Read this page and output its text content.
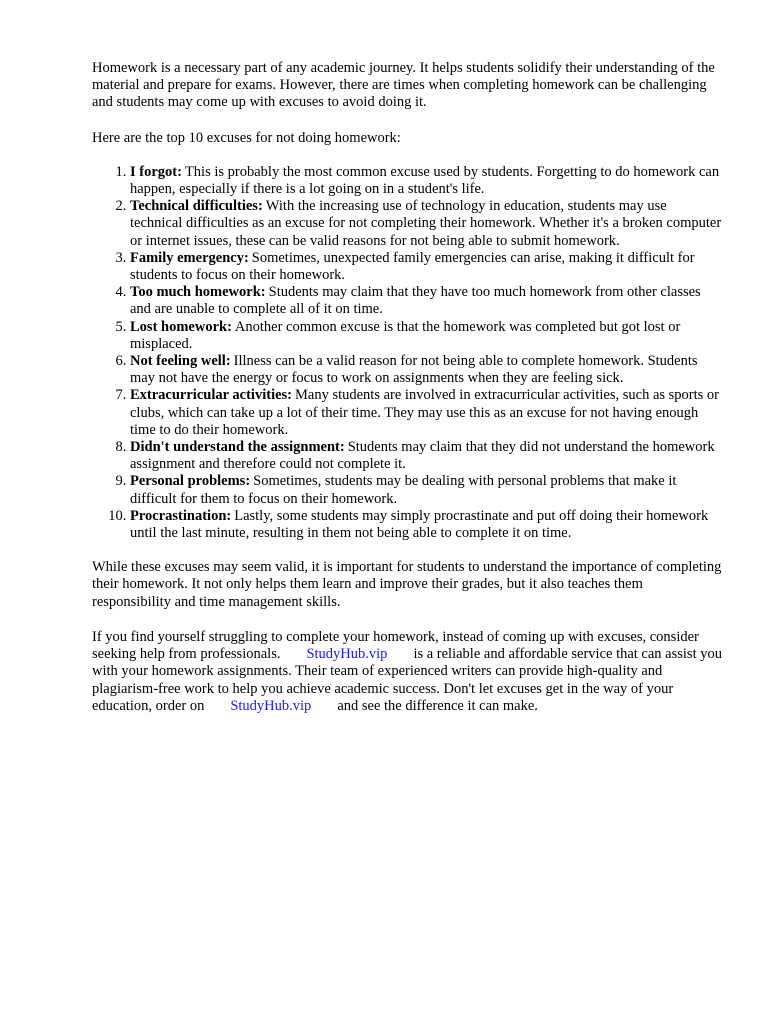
Homework is a necessary part of any academic journey. It helps students solidify their understanding of the material and prepare for exams. However, there are times when completing homework can be challenging and students may come up with excuses to avoid doing it.

Here are the top 10 excuses for not doing homework:

1. I forgot: This is probably the most common excuse used by students. Forgetting to do homework can happen, especially if there is a lot going on in a student's life.
2. Technical difficulties: With the increasing use of technology in education, students may use technical difficulties as an excuse for not completing their homework. Whether it's a broken computer or internet issues, these can be valid reasons for not being able to submit homework.
3. Family emergency: Sometimes, unexpected family emergencies can arise, making it difficult for students to focus on their homework.
4. Too much homework: Students may claim that they have too much homework from other classes and are unable to complete all of it on time.
5. Lost homework: Another common excuse is that the homework was completed but got lost or misplaced.
6. Not feeling well: Illness can be a valid reason for not being able to complete homework. Students may not have the energy or focus to work on assignments when they are feeling sick.
7. Extracurricular activities: Many students are involved in extracurricular activities, such as sports or clubs, which can take up a lot of their time. They may use this as an excuse for not having enough time to do their homework.
8. Didn't understand the assignment: Students may claim that they did not understand the homework assignment and therefore could not complete it.
9. Personal problems: Sometimes, students may be dealing with personal problems that make it difficult for them to focus on their homework.
10. Procrastination: Lastly, some students may simply procrastinate and put off doing their homework until the last minute, resulting in them not being able to complete it on time.

While these excuses may seem valid, it is important for students to understand the importance of completing their homework. It not only helps them learn and improve their grades, but it also teaches them responsibility and time management skills.

If you find yourself struggling to complete your homework, instead of coming up with excuses, consider seeking help from professionals. StudyHub.vip is a reliable and affordable service that can assist you with your homework assignments. Their team of experienced writers can provide high-quality and plagiarism-free work to help you achieve academic success. Don't let excuses get in the way of your education, order on StudyHub.vip and see the difference it can make.
